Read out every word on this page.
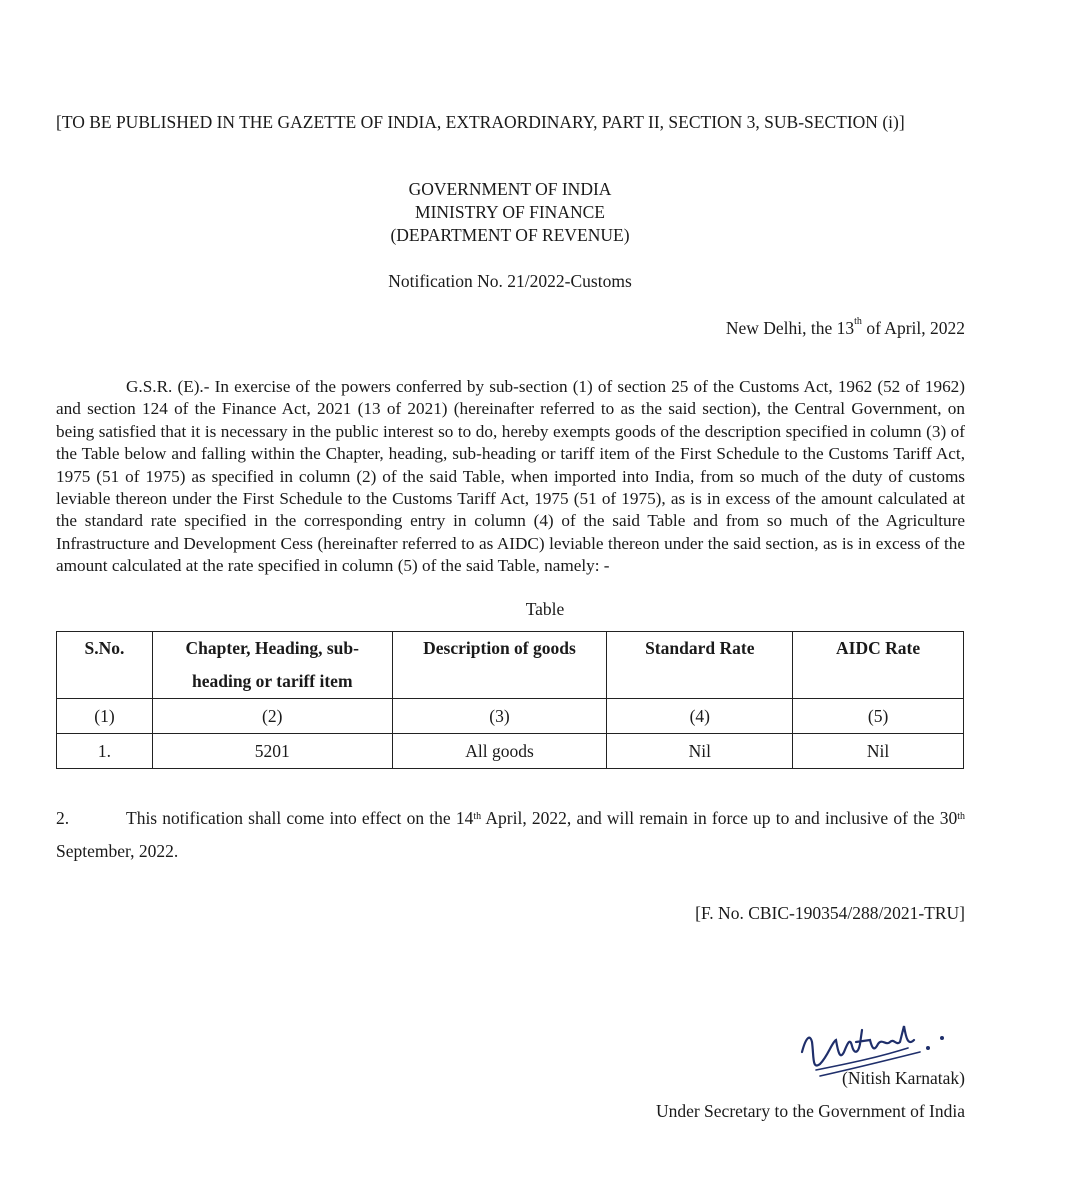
[TO BE PUBLISHED IN THE GAZETTE OF INDIA, EXTRAORDINARY, PART II, SECTION 3, SUB-SECTION (i)]
GOVERNMENT OF INDIA
MINISTRY OF FINANCE
(DEPARTMENT OF REVENUE)
Notification No. 21/2022-Customs
New Delhi, the 13th of April, 2022
G.S.R. (E).- In exercise of the powers conferred by sub-section (1) of section 25 of the Customs Act, 1962 (52 of 1962) and section 124 of the Finance Act, 2021 (13 of 2021) (hereinafter referred to as the said section), the Central Government, on being satisfied that it is necessary in the public interest so to do, hereby exempts goods of the description specified in column (3) of the Table below and falling within the Chapter, heading, sub-heading or tariff item of the First Schedule to the Customs Tariff Act, 1975 (51 of 1975) as specified in column (2) of the said Table, when imported into India, from so much of the duty of customs leviable thereon under the First Schedule to the Customs Tariff Act, 1975 (51 of 1975), as is in excess of the amount calculated at the standard rate specified in the corresponding entry in column (4) of the said Table and from so much of the Agriculture Infrastructure and Development Cess (hereinafter referred to as AIDC) leviable thereon under the said section, as is in excess of the amount calculated at the rate specified in column (5) of the said Table, namely: -
Table
S.No.	Chapter, Heading, sub-heading or tariff item	Description of goods	Standard Rate	AIDC Rate
(1)	(2)	(3)	(4)	(5)
1.	5201	All goods	Nil	Nil
2.	This notification shall come into effect on the 14th April, 2022, and will remain in force up to and inclusive of the 30th September, 2022.
[F. No. CBIC-190354/288/2021-TRU]
(Nitish Karnatak)
Under Secretary to the Government of India
